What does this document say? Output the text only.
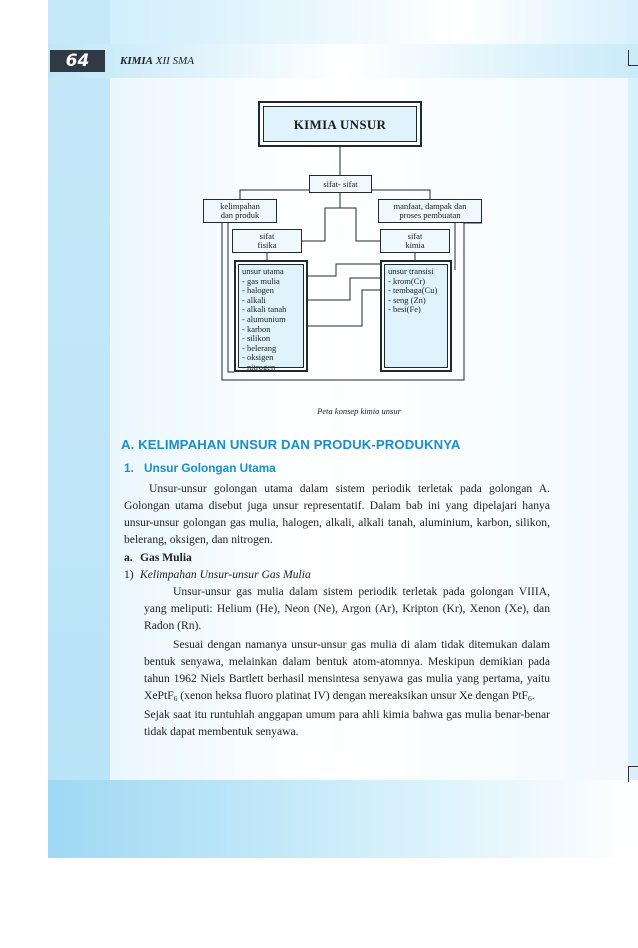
64	KIMIA XII SMA
KIMIA UNSUR
sifat- sifat
kelimpahan
dan produk
manfaat, dampak dan
proses pembuatan
sifat
fisika
sifat
kimia
unsur utama
- gas mulia
- halogen
- alkali
- alkali tanah
- alumunium
- karbon
- silikon
- belerang
- oksigen
- nitrogen
unsur transisi
- krom(Cr)
- tembaga(Cu)
- seng (Zn)
- besi(Fe)
Peta konsep kimia unsur
A. KELIMPAHAN UNSUR DAN PRODUK-PRODUKNYA
1. Unsur Golongan Utama

Unsur-unsur golongan utama dalam sistem periodik terletak pada golongan A. Golongan utama disebut juga unsur representatif. Dalam bab ini yang dipelajari hanya unsur-unsur golongan gas mulia, halogen, alkali, alkali tanah, aluminium, karbon, silikon, belerang, oksigen, dan nitrogen.

a. Gas Mulia
1) Kelimpahan Unsur-unsur Gas Mulia

Unsur-unsur gas mulia dalam sistem periodik terletak pada golongan VIIIA, yang meliputi: Helium (He), Neon (Ne), Argon (Ar), Kripton (Kr), Xenon (Xe), dan Radon (Rn).

Sesuai dengan namanya unsur-unsur gas mulia di alam tidak ditemukan dalam bentuk senyawa, melainkan dalam bentuk atom-atomnya. Meskipun demikian pada tahun 1962 Niels Bartlett berhasil mensintesa senyawa gas mulia yang pertama, yaitu XePtF$_6$ (xenon heksa fluoro platinat IV) dengan mereaksikan unsur Xe dengan PtF$_6$.

Sejak saat itu runtuhlah anggapan umum para ahli kimia bahwa gas mulia benar-benar tidak dapat membentuk senyawa.
